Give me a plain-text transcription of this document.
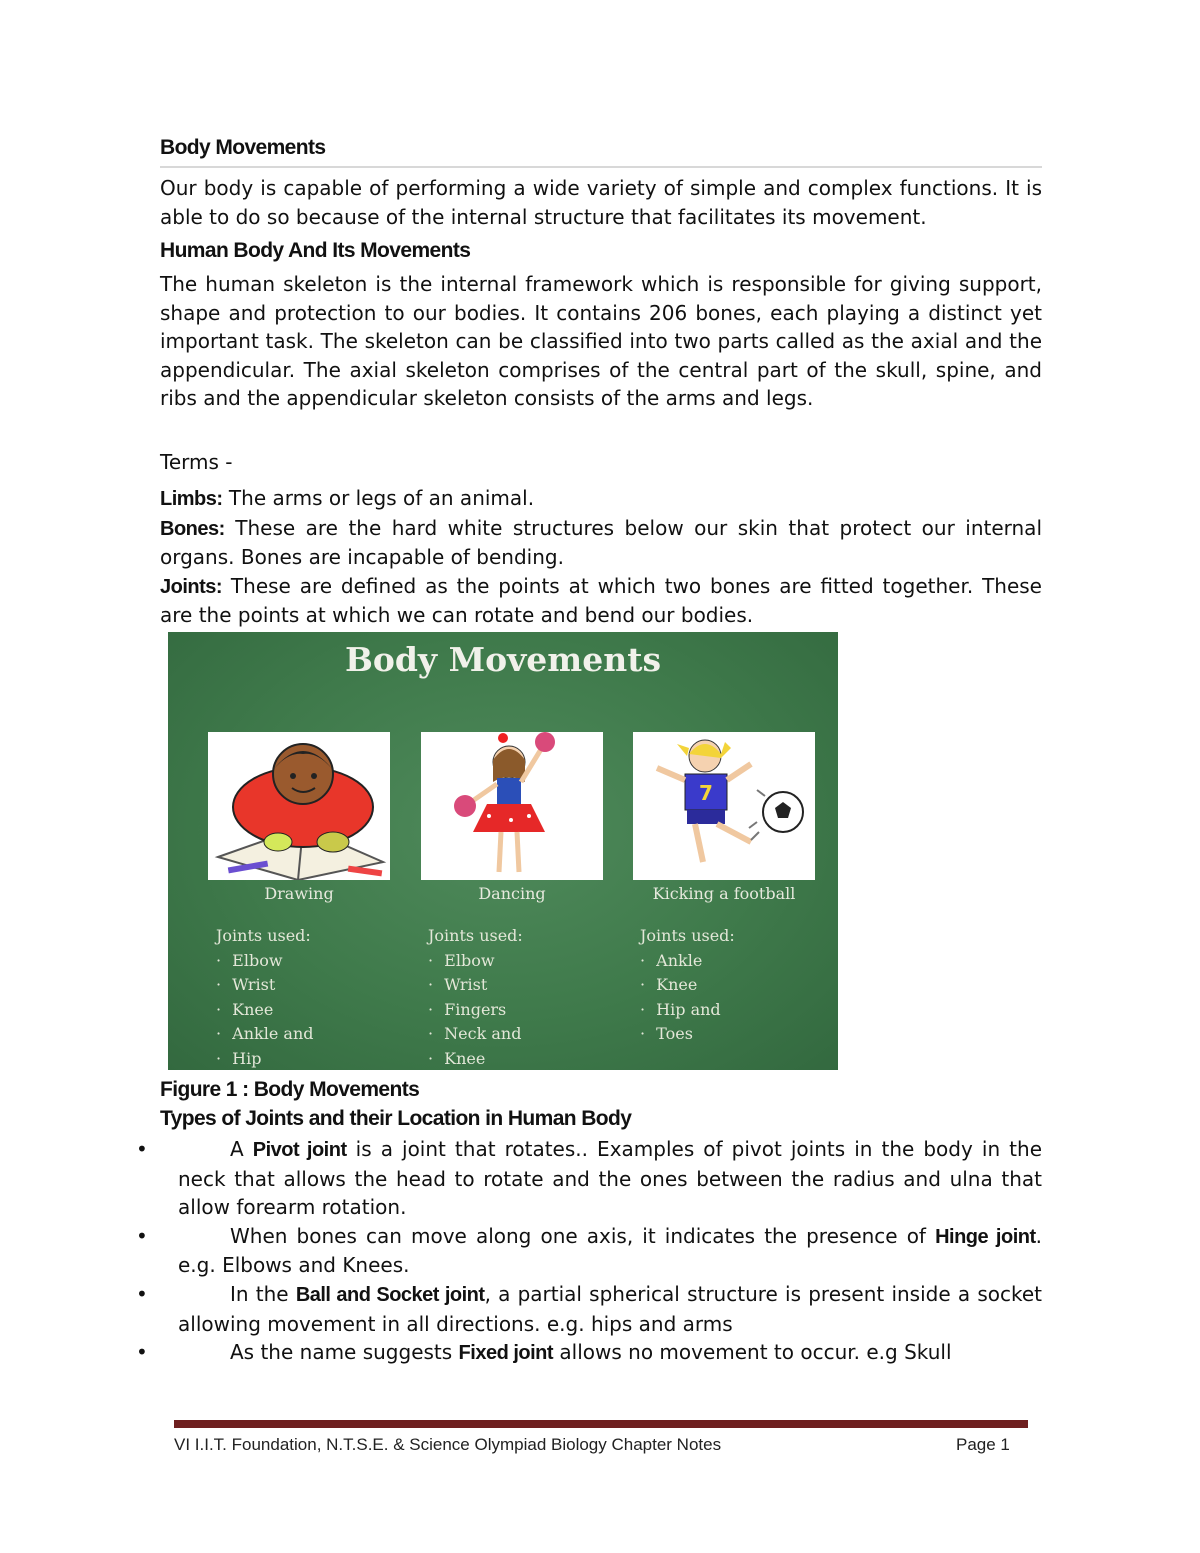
Body Movements

Our body is capable of performing a wide variety of simple and complex functions. It is able to do so because of the internal structure that facilitates its movement.

Human Body And Its Movements

The human skeleton is the internal framework which is responsible for giving support, shape and protection to our bodies. It contains 206 bones, each playing a distinct yet important task. The skeleton can be classified into two parts called as the axial and the appendicular. The axial skeleton comprises of the central part of the skull, spine, and ribs and the appendicular skeleton consists of the arms and legs.

Terms -

Limbs: The arms or legs of an animal.

Bones: These are the hard white structures below our skin that protect our internal organs. Bones are incapable of bending.

Joints: These are defined as the points at which two bones are fitted together. These are the points at which we can rotate and bend our bodies.

Figure 1 : Body Movements
Types of Joints and their Location in Human Body
•	A Pivot joint is a joint that rotates.. Examples of pivot joints in the body in the neck that allows the head to rotate and the ones between the radius and ulna that allow forearm rotation.
•	When bones can move along one axis, it indicates the presence of Hinge joint. e.g. Elbows and Knees.
•	In the Ball and Socket joint, a partial spherical structure is present inside a socket allowing movement in all directions. e.g. hips and arms
•	As the name suggests Fixed joint allows no movement to occur. e.g Skull
Body Movements
Drawing	Dancing
7
Kicking a football
Joints used:
· Elbow
· Wrist
· Knee
· Ankle and
· Hip
Joints used:
· Elbow
· Wrist
· Fingers
· Neck and
· Knee
Joints used:
· Ankle
· Knee
· Hip and
· Toes
VI I.I.T. Foundation, N.T.S.E. & Science Olympiad Biology Chapter Notes	Page 1
